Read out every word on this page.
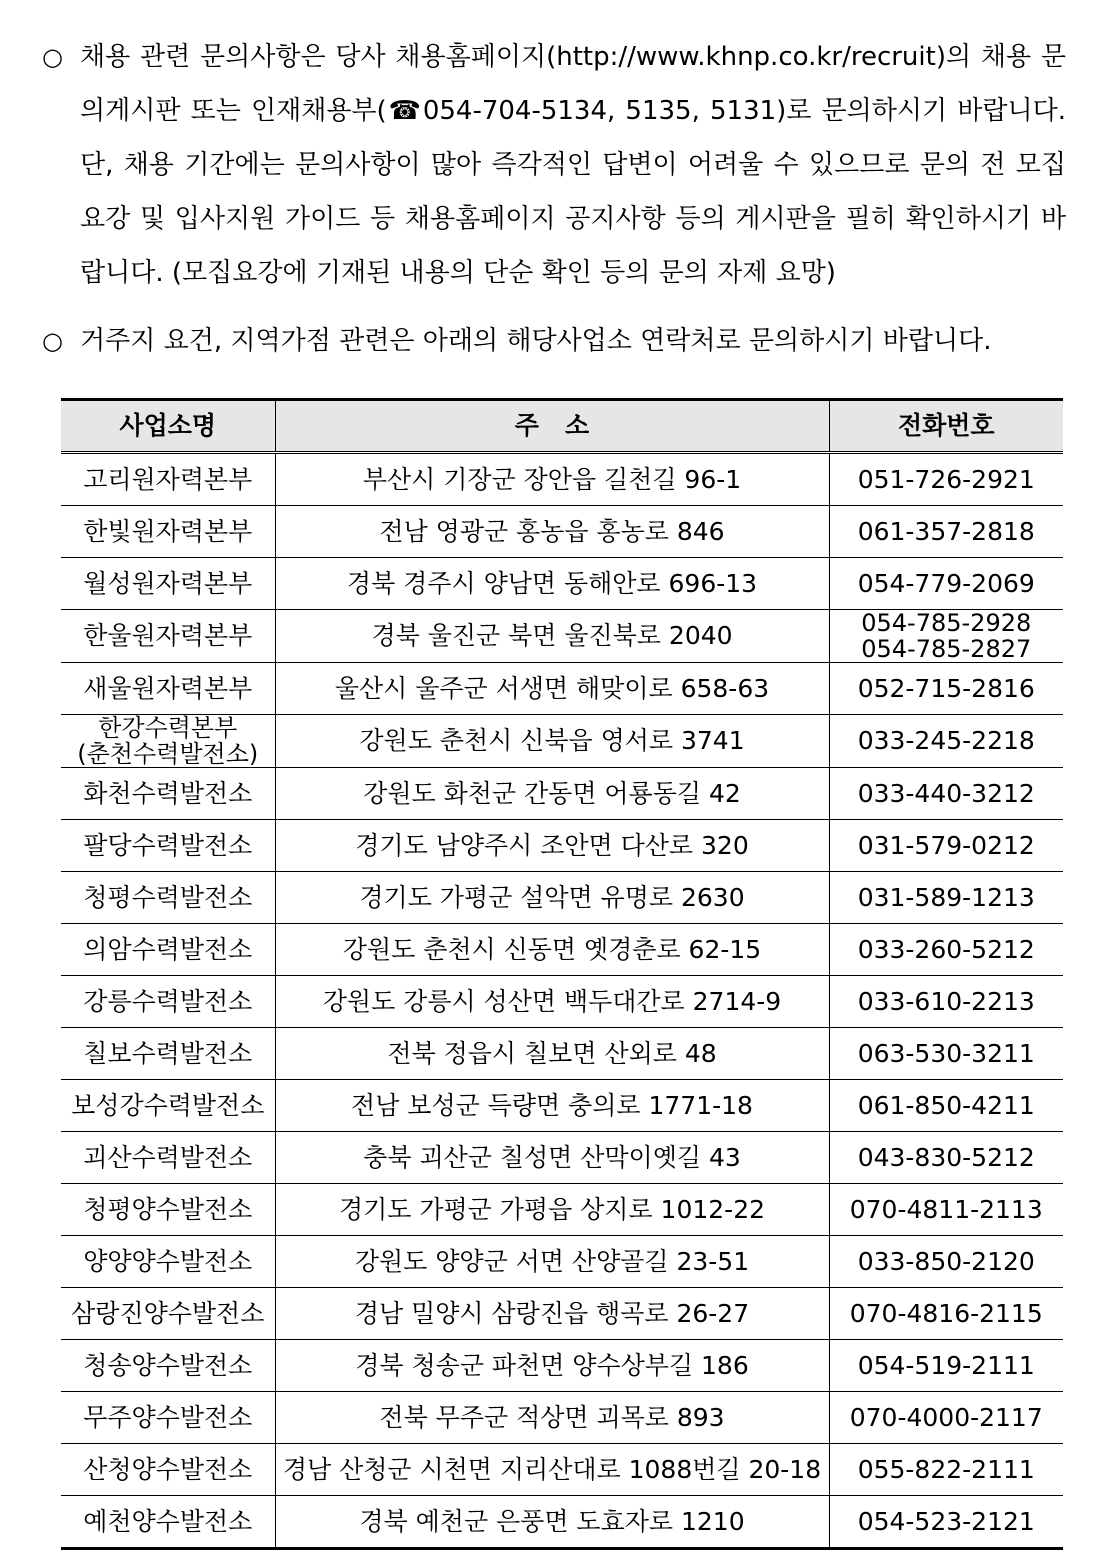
○ 채용 관련 문의사항은 당사 채용홈페이지(http://www.khnp.co.kr/recruit)의 채용 문의게시판 또는 인재채용부(☎054-704-5134, 5135, 5131)로 문의하시기 바랍니다. 단, 채용 기간에는 문의사항이 많아 즉각적인 답변이 어려울 수 있으므로 문의 전 모집요강 및 입사지원 가이드 등 채용홈페이지 공지사항 등의 게시판을 필히 확인하시기 바랍니다. (모집요강에 기재된 내용의 단순 확인 등의 문의 자제 요망)
○ 거주지 요건, 지역가점 관련은 아래의 해당사업소 연락처로 문의하시기 바랍니다.
사업소명	주   소	전화번호
고리원자력본부	부산시 기장군 장안읍 길천길 96-1	051-726-2921
한빛원자력본부	전남 영광군 홍농읍 홍농로 846	061-357-2818
월성원자력본부	경북 경주시 양남면 동해안로 696-13	054-779-2069
한울원자력본부	경북 울진군 북면 울진북로 2040	054-785-2928
054-785-2827

새울원자력본부	울산시 울주군 서생면 해맞이로 658-63	052-715-2816

한강수력본부
(춘천수력발전소)	강원도 춘천시 신북읍 영서로 3741	033-245-2218
화천수력발전소	강원도 화천군 간동면 어룡동길 42	033-440-3212
팔당수력발전소	경기도 남양주시 조안면 다산로 320	031-579-0212
청평수력발전소	경기도 가평군 설악면 유명로 2630	031-589-1213
의암수력발전소	강원도 춘천시 신동면 옛경춘로 62-15	033-260-5212
강릉수력발전소	강원도 강릉시 성산면 백두대간로 2714-9	033-610-2213
칠보수력발전소	전북 정읍시 칠보면 산외로 48	063-530-3211
보성강수력발전소	전남 보성군 득량면 충의로 1771-18	061-850-4211
괴산수력발전소	충북 괴산군 칠성면 산막이옛길 43	043-830-5212
청평양수발전소	경기도 가평군 가평읍 상지로 1012-22	070-4811-2113
양양양수발전소	강원도 양양군 서면 산양골길 23-51	033-850-2120
삼랑진양수발전소	경남 밀양시 삼랑진읍 행곡로 26-27	070-4816-2115
청송양수발전소	경북 청송군 파천면 양수상부길 186	054-519-2111
무주양수발전소	전북 무주군 적상면 괴목로 893	070-4000-2117
산청양수발전소	경남 산청군 시천면 지리산대로 1088번길 20-18	055-822-2111
예천양수발전소	경북 예천군 은풍면 도효자로 1210	054-523-2121
